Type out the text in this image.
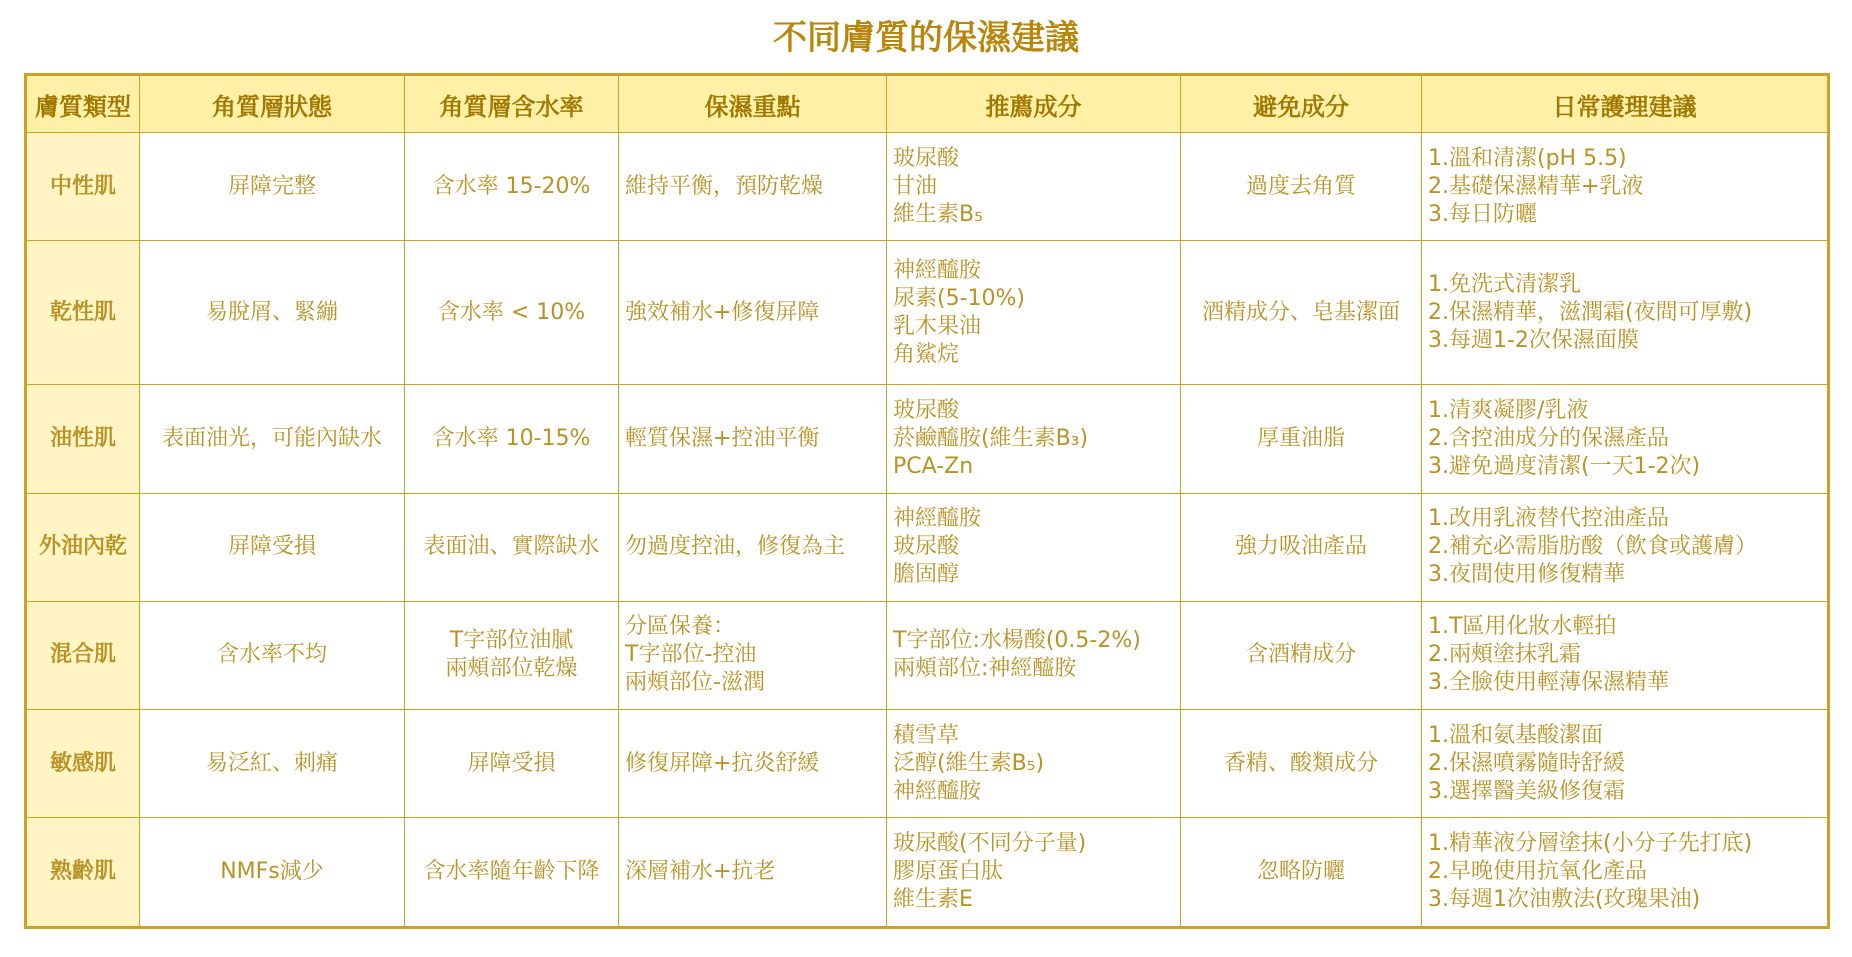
不同膚質的保濕建議
膚質類型	角質層狀態	角質層含水率	保濕重點	推薦成分	避免成分	日常護理建議
中性肌	屏障完整	含水率 15-20%	維持平衡，預防乾燥	玻尿酸
甘油
維生素B₅	過度去角質	1.溫和清潔(pH 5.5)
2.基礎保濕精華+乳液
3.每日防曬

乾性肌	易脫屑、緊繃	含水率 < 10%	強效補水+修復屏障	神經醯胺
尿素(5-10%)
乳木果油
角鯊烷	酒精成分、皂基潔面	1.免洗式清潔乳
2.保濕精華，滋潤霜(夜間可厚敷)
3.每週1-2次保濕面膜

油性肌	表面油光，可能內缺水	含水率 10-15%	輕質保濕+控油平衡	玻尿酸
菸鹼醯胺(維生素B₃)
PCA-Zn	厚重油脂	1.清爽凝膠/乳液
2.含控油成分的保濕產品
3.避免過度清潔(一天1-2次)

外油內乾	屏障受損	表面油、實際缺水	勿過度控油，修復為主	神經醯胺
玻尿酸
膽固醇	強力吸油產品	1.改用乳液替代控油產品
2.補充必需脂肪酸（飲食或護膚）
3.夜間使用修復精華

混合肌	含水率不均	T字部位油膩
兩頰部位乾燥	分區保養：
T字部位-控油
兩頰部位-滋潤	T字部位:水楊酸(0.5-2%)
兩頰部位:神經醯胺	含酒精成分	1.T區用化妝水輕拍
2.兩頰塗抹乳霜
3.全臉使用輕薄保濕精華

敏感肌	易泛紅、刺痛	屏障受損	修復屏障+抗炎舒緩	積雪草
泛醇(維生素B₅)
神經醯胺	香精、酸類成分	1.溫和氨基酸潔面
2.保濕噴霧隨時舒緩
3.選擇醫美級修復霜

熟齡肌	NMFs減少	含水率隨年齡下降	深層補水+抗老	玻尿酸(不同分子量)
膠原蛋白肽
維生素E	忽略防曬	1.精華液分層塗抹(小分子先打底)
2.早晚使用抗氧化產品
3.每週1次油敷法(玫瑰果油)
